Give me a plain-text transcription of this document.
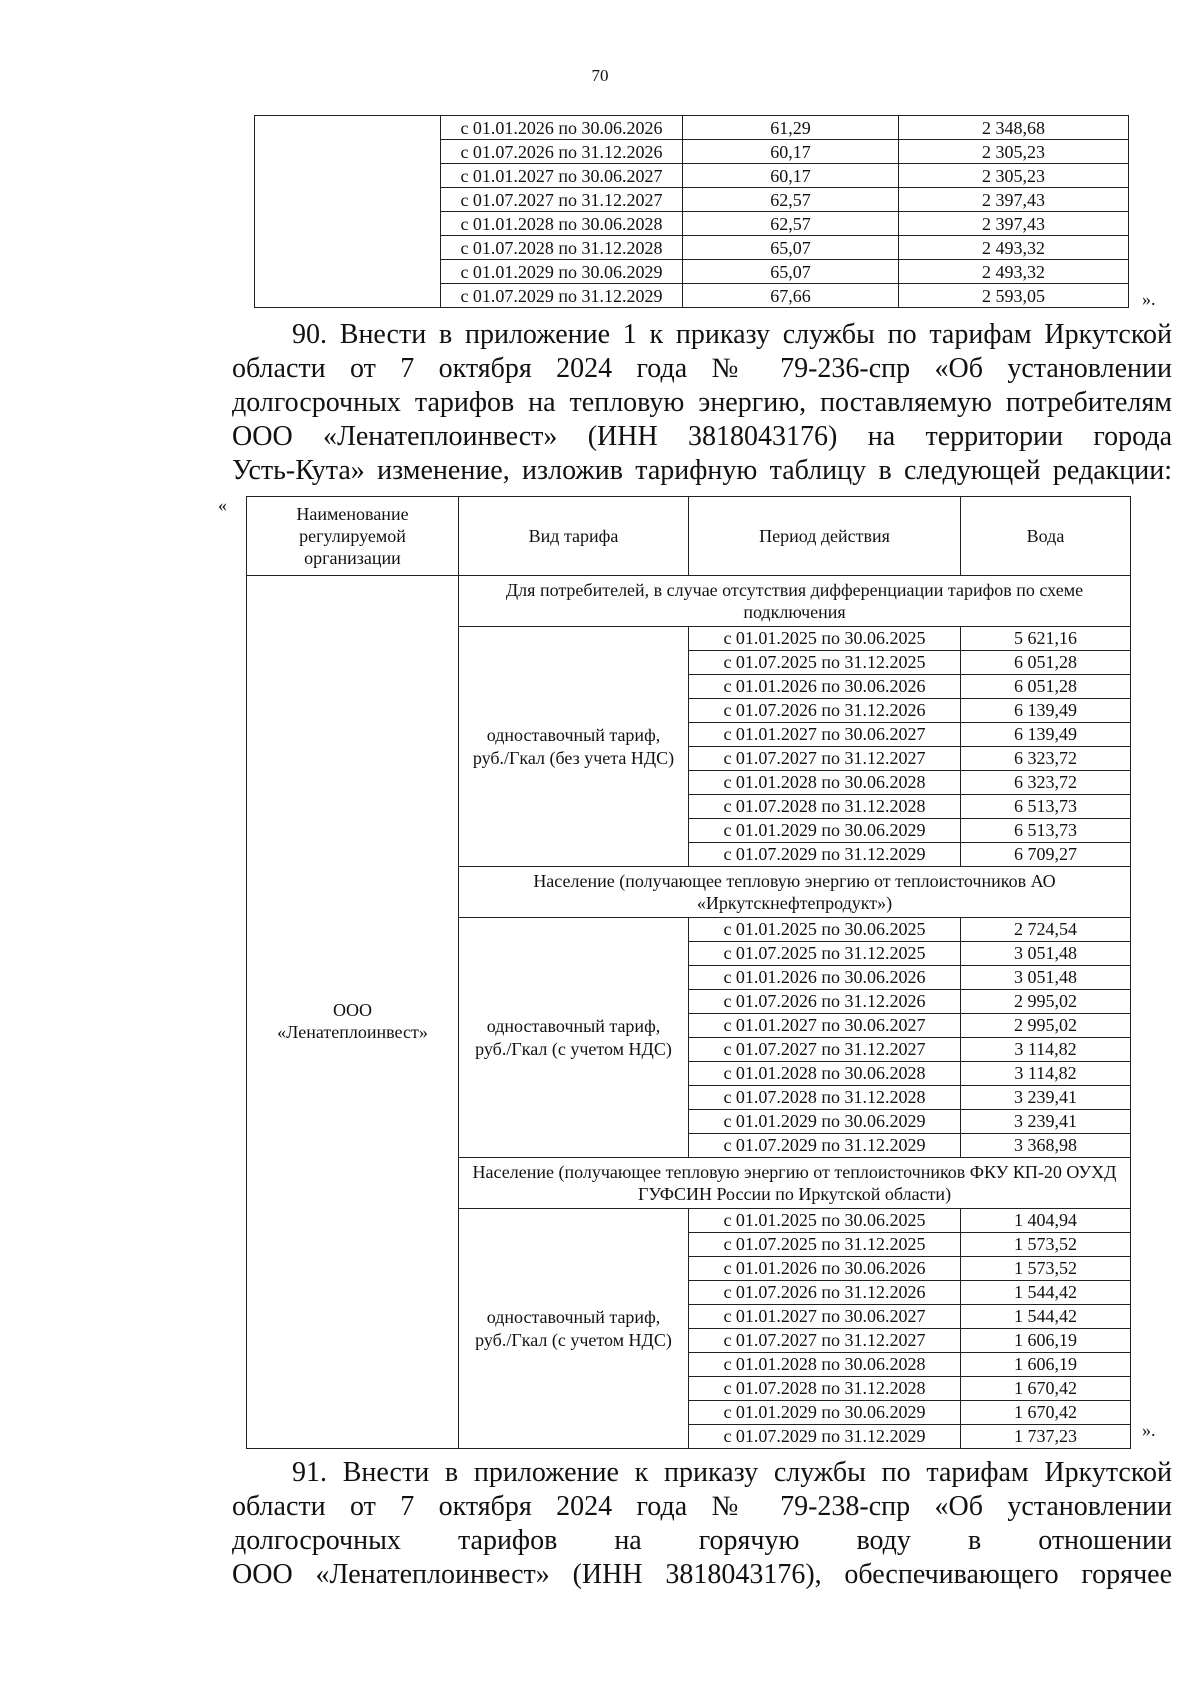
70
	с 01.01.2026 по 30.06.2026	61,29	2 348,68
	с 01.07.2026 по 31.12.2026	60,17	2 305,23
	с 01.01.2027 по 30.06.2027	60,17	2 305,23
	с 01.07.2027 по 31.12.2027	62,57	2 397,43
	с 01.01.2028 по 30.06.2028	62,57	2 397,43
	с 01.07.2028 по 31.12.2028	65,07	2 493,32
	с 01.01.2029 по 30.06.2029	65,07	2 493,32
	с 01.07.2029 по 31.12.2029	67,66	2 593,05	».

90. Внести в приложение 1 к приказу службы по тарифам Иркутской

области от 7 октября 2024 года № 79-236-спр «Об установлении

долгосрочных тарифов на тепловую энергию, поставляемую потребителям

ООО «Ленатеплоинвест» (ИНН 3818043176) на территории города

Усть-Кута» изменение, изложив тарифную таблицу в следующей редакции:

«	Наименование регулируемой организации	Вид тарифа	Период действия	Вода
ООО «Ленатеплоинвест»	Для потребителей, в случае отсутствия дифференциации тарифов по схеме подключения		
	одноставочный тариф, руб./Гкал (без учета НДС)	с 01.01.2025 по 30.06.2025	5 621,16
		с 01.07.2025 по 31.12.2025	6 051,28
		с 01.01.2026 по 30.06.2026	6 051,28
		с 01.07.2026 по 31.12.2026	6 139,49
		с 01.01.2027 по 30.06.2027	6 139,49
		с 01.07.2027 по 31.12.2027	6 323,72
		с 01.01.2028 по 30.06.2028	6 323,72
		с 01.07.2028 по 31.12.2028	6 513,73
		с 01.01.2029 по 30.06.2029	6 513,73
		с 01.07.2029 по 31.12.2029	6 709,27
	Население (получающее тепловую энергию от теплоисточников АО «Иркутскнефтепродукт»)		
	одноставочный тариф, руб./Гкал (с учетом НДС)	с 01.01.2025 по 30.06.2025	2 724,54
		с 01.07.2025 по 31.12.2025	3 051,48
		с 01.01.2026 по 30.06.2026	3 051,48
		с 01.07.2026 по 31.12.2026	2 995,02
		с 01.01.2027 по 30.06.2027	2 995,02
		с 01.07.2027 по 31.12.2027	3 114,82
		с 01.01.2028 по 30.06.2028	3 114,82
		с 01.07.2028 по 31.12.2028	3 239,41
		с 01.01.2029 по 30.06.2029	3 239,41
		с 01.07.2029 по 31.12.2029	3 368,98
	Население (получающее тепловую энергию от теплоисточников ФКУ КП-20 ОУХД ГУФСИН России по Иркутской области)		
	одноставочный тариф, руб./Гкал (с учетом НДС)	с 01.01.2025 по 30.06.2025	1 404,94
		с 01.07.2025 по 31.12.2025	1 573,52
		с 01.01.2026 по 30.06.2026	1 573,52
		с 01.07.2026 по 31.12.2026	1 544,42
		с 01.01.2027 по 30.06.2027	1 544,42
		с 01.07.2027 по 31.12.2027	1 606,19
		с 01.01.2028 по 30.06.2028	1 606,19
		с 01.07.2028 по 31.12.2028	1 670,42
		с 01.01.2029 по 30.06.2029	1 670,42
		с 01.07.2029 по 31.12.2029	1 737,23	».

91. Внести в приложение к приказу службы по тарифам Иркутской

области от 7 октября 2024 года № 79-238-спр «Об установлении

долгосрочных тарифов на горячую воду в отношении

ООО «Ленатеплоинвест» (ИНН 3818043176), обеспечивающего горячее
